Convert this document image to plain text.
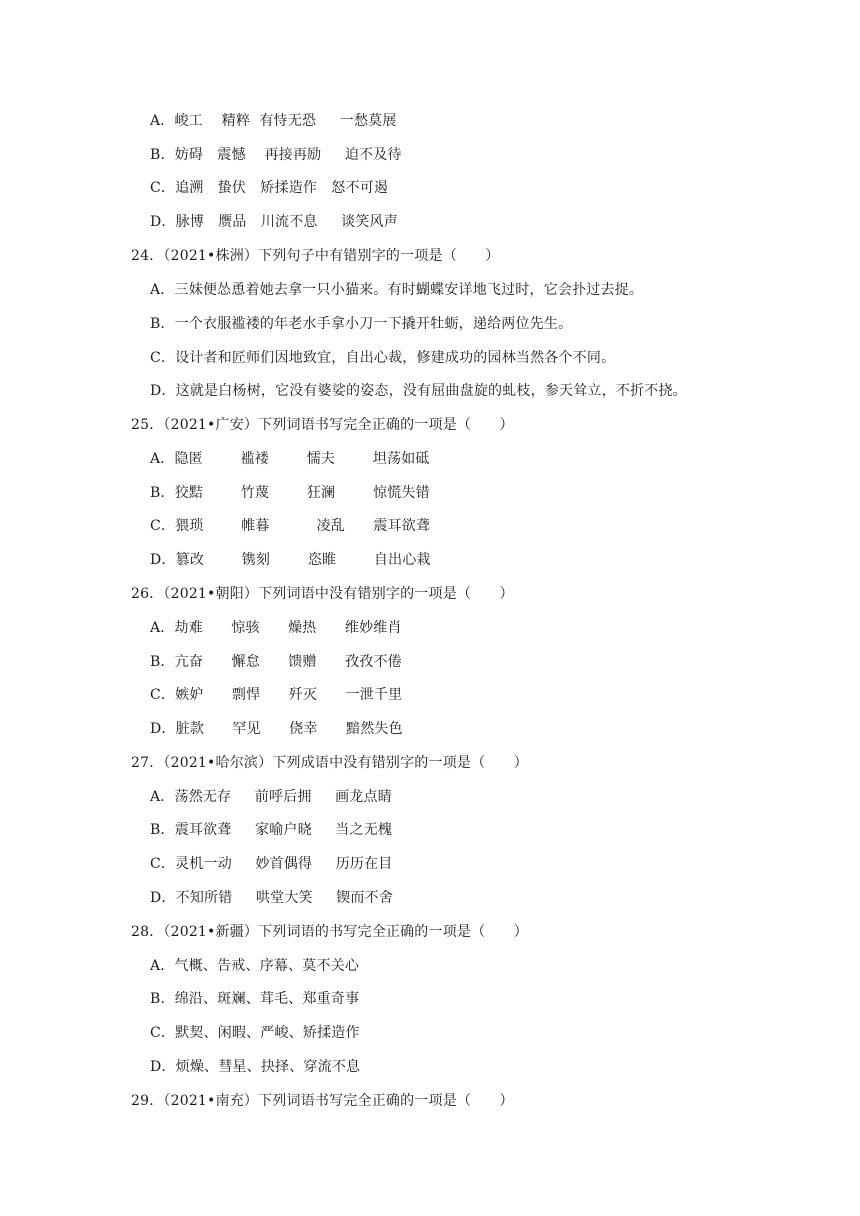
A．峻工　 精粹  有恃无恐　  一愁莫展
B．妨碍　震憾　 再接再励　  迫不及待
C．追溯　蛰伏　矫揉造作　怒不可遏
D．脉博　赝品　川流不息　  谈笑风声
24．（2021•株洲）下列句子中有错别字的一项是（　　）
A．三妹便怂恿着她去拿一只小猫来。有时蝴蝶安详地飞过时，它会扑过去捉。
B．一个衣服褴褛的年老水手拿小刀一下撬开牡蛎，递给两位先生。
C．设计者和匠师们因地致宜，自出心裁，修建成功的园林当然各个不同。
D．这就是白杨树，它没有婆娑的姿态，没有屈曲盘旋的虬枝，参天耸立，不折不挠。
25．（2021•广安）下列词语书写完全正确的一项是（　　）
A．隐匿　　  褴褛　　  懦夫　　  坦荡如砥
B．狡黠　　  竹蔑　　  狂澜　　  惊慌失错
C．猥琐　　  帷暮　　    凌乱　　震耳欲聋
D．篡改　　  镌刻　　  恣睢　　  自出心栽
26．（2021•朝阳）下列词语中没有错别字的一项是（　　）
A．劫难　　惊骇　　燥热　　维妙维肖
B．亢奋　　懈怠　　馈赠　　孜孜不倦
C．嫉妒　　剽悍　　歼灭　　一泄千里
D．脏款　　罕见　　侥幸　　黯然失色
27．（2021•哈尔滨）下列成语中没有错别字的一项是（　　）
A．荡然无存　  前呼后拥　  画龙点睛
B．震耳欲聋　  家喻户晓　  当之无槐
C．灵机一动　  妙首偶得　  历历在目
D．不知所错　  哄堂大笑　  锲而不舍
28．（2021•新疆）下列词语的书写完全正确的一项是（　　）
A．气概、告戒、序幕、莫不关心
B．绵沿、斑斓、茸毛、郑重奇事
C．默契、闲暇、严峻、矫揉造作
D．烦燥、彗星、抉择、穿流不息
29．（2021•南充）下列词语书写完全正确的一项是（　　）
